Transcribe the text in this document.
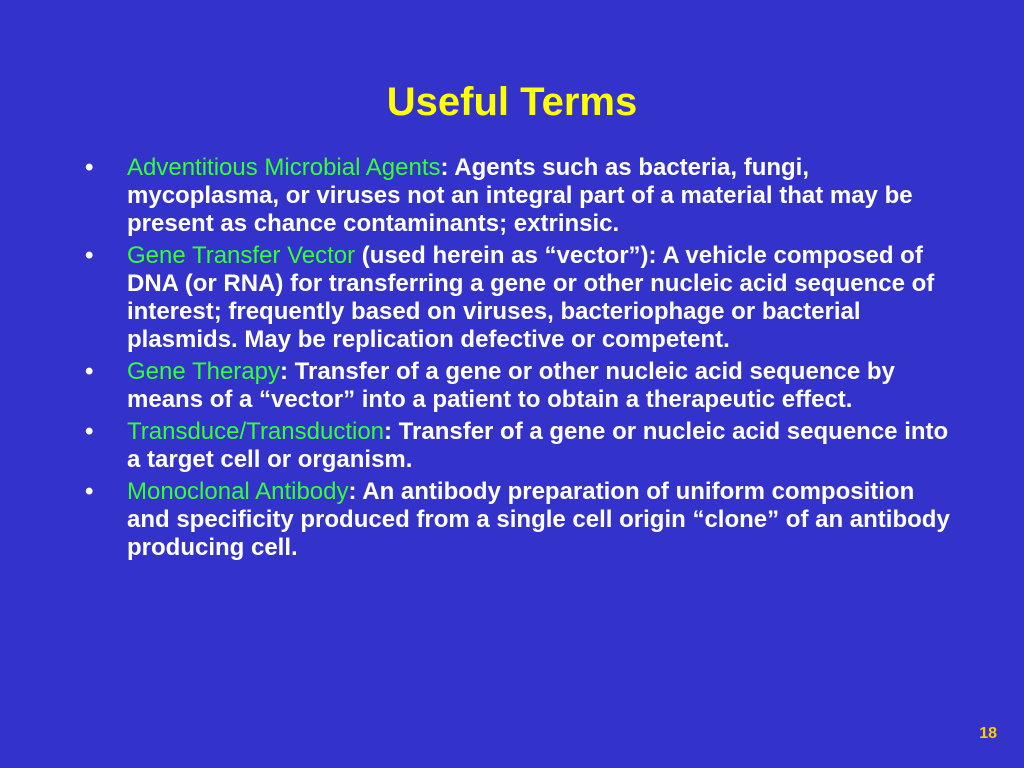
Useful Terms
•	Adventitious Microbial Agents: Agents such as bacteria, fungi, mycoplasma, or viruses not an integral part of a material that may be present as chance contaminants; extrinsic.
•	Gene Transfer Vector (used herein as “vector”): A vehicle composed of DNA (or RNA) for transferring a gene or other nucleic acid sequence of interest; frequently based on viruses, bacteriophage or bacterial plasmids. May be replication defective or competent.
•	Gene Therapy: Transfer of a gene or other nucleic acid sequence by means of a “vector” into a patient to obtain a therapeutic effect.
•	Transduce/Transduction: Transfer of a gene or nucleic acid sequence into a target cell or organism.
•	Monoclonal Antibody: An antibody preparation of uniform composition and specificity produced from a single cell origin “clone” of an antibody producing cell.
18
